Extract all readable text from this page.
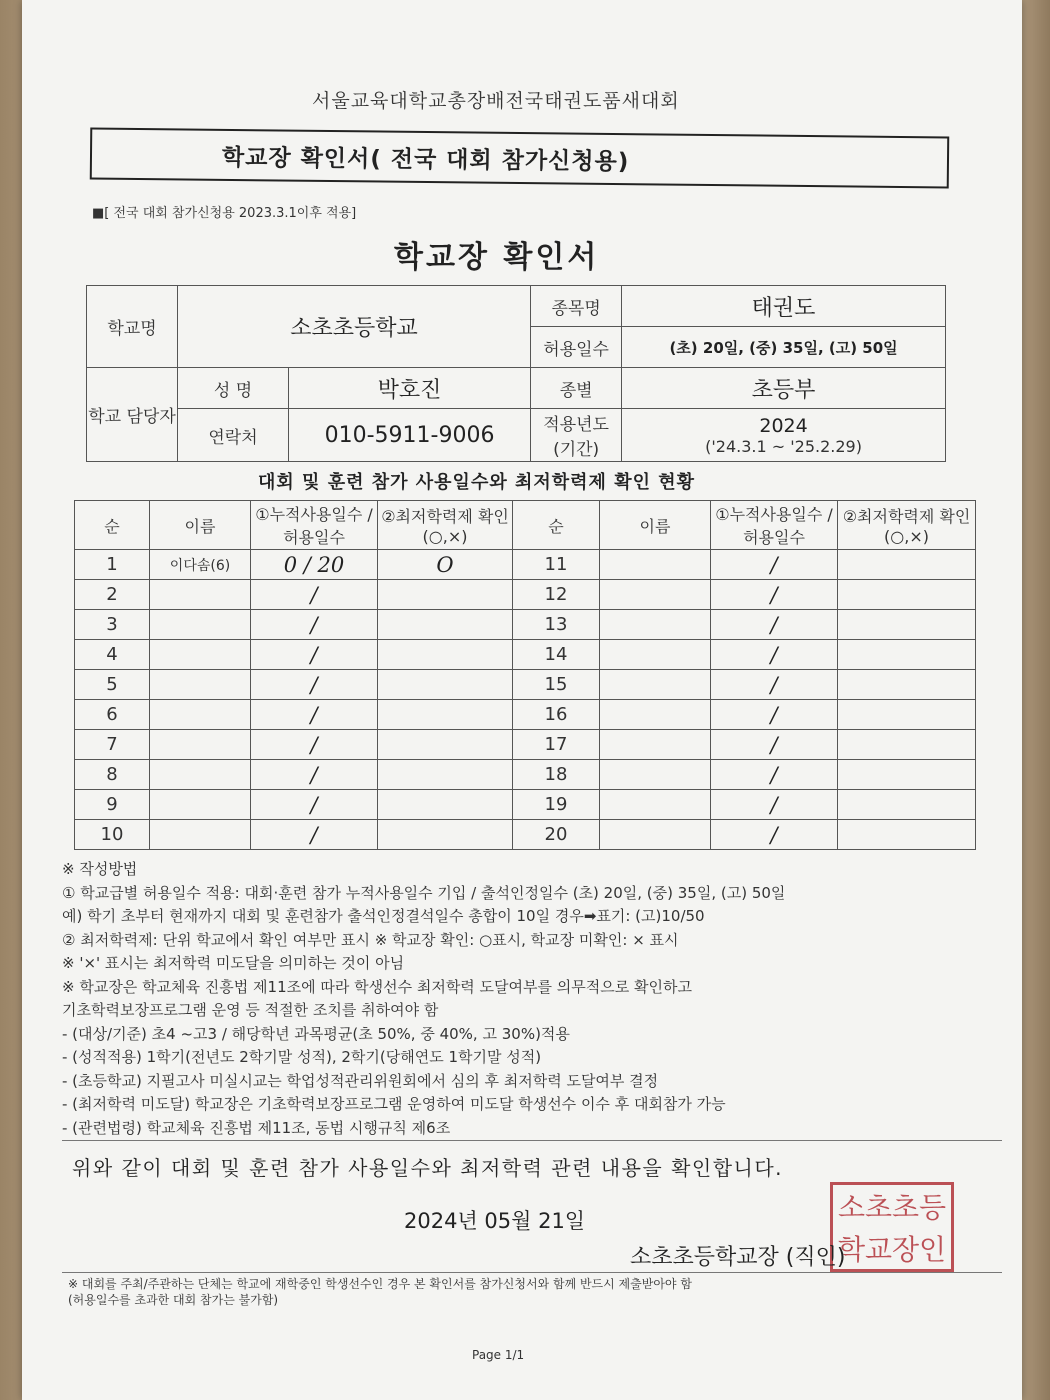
서울교육대학교총장배전국태권도품새대회
학교장 확인서( 전국 대회 참가신청용)
■[ 전국 대회 참가신청용 2023.3.1이후 적용]
학교장 확인서
학교명	소초초등학교		종목명	태권도
			허용일수	(초) 20일, (중) 35일, (고) 50일
학교 담당자	성 명	박호진	종별	초등부
	연락처	010-5911-9006	적용년도 (기간)	2024
('24.3.1 ~ '25.2.29)
대회 및 훈련 참가 사용일수와 최저학력제 확인 현황
순	이름	①누적사용일수 /허용일수	②최저학력제 확인(○,×)	순	이름	①누적사용일수 /허용일수	②최저학력제 확인(○,×)
1	이다솜(6)	0 / 20	O	11		/	
2		/		12		/	
3		/		13		/	
4		/		14		/	
5		/		15		/	
6		/		16		/	
7		/		17		/	
8		/		18		/	
9		/		19		/	
10		/		20		/	
※ 작성방법
① 학교급별 허용일수 적용: 대회·훈련 참가 누적사용일수 기입 / 출석인정일수 (초) 20일, (중) 35일, (고) 50일
예) 학기 초부터 현재까지 대회 및 훈련참가 출석인정결석일수 총합이 10일 경우➡표기: (고)10/50
② 최저학력제: 단위 학교에서 확인 여부만 표시 ※ 학교장 확인: ○표시, 학교장 미확인: × 표시
※ '×' 표시는 최저학력 미도달을 의미하는 것이 아님
※ 학교장은 학교체육 진흥법 제11조에 따라 학생선수 최저학력 도달여부를 의무적으로 확인하고
기초학력보장프로그램 운영 등 적절한 조치를 취하여야 함
- (대상/기준) 초4 ~고3 / 해당학년 과목평균(초 50%, 중 40%, 고 30%)적용
- (성적적용) 1학기(전년도 2학기말 성적), 2학기(당해연도 1학기말 성적)
- (초등학교) 지필고사 미실시교는 학업성적관리위원회에서 심의 후 최저학력 도달여부 결정
- (최저학력 미도달) 학교장은 기초학력보장프로그램 운영하여 미도달 학생선수 이수 후 대회참가 가능
- (관련법령) 학교체육 진흥법 제11조, 동법 시행규칙 제6조
위와 같이 대회 및 훈련 참가 사용일수와 최저학력 관련 내용을 확인합니다.
2024년 05월 21일	소
초
초
등
학
교
장
인
소초초등학교장 (직인)
※ 대회를 주최/주관하는 단체는 학교에 재학중인 학생선수인 경우 본 확인서를 참가신청서와 함께 반드시 제출받아야 함
(허용일수를 초과한 대회 참가는 불가함)
Page 1/1
